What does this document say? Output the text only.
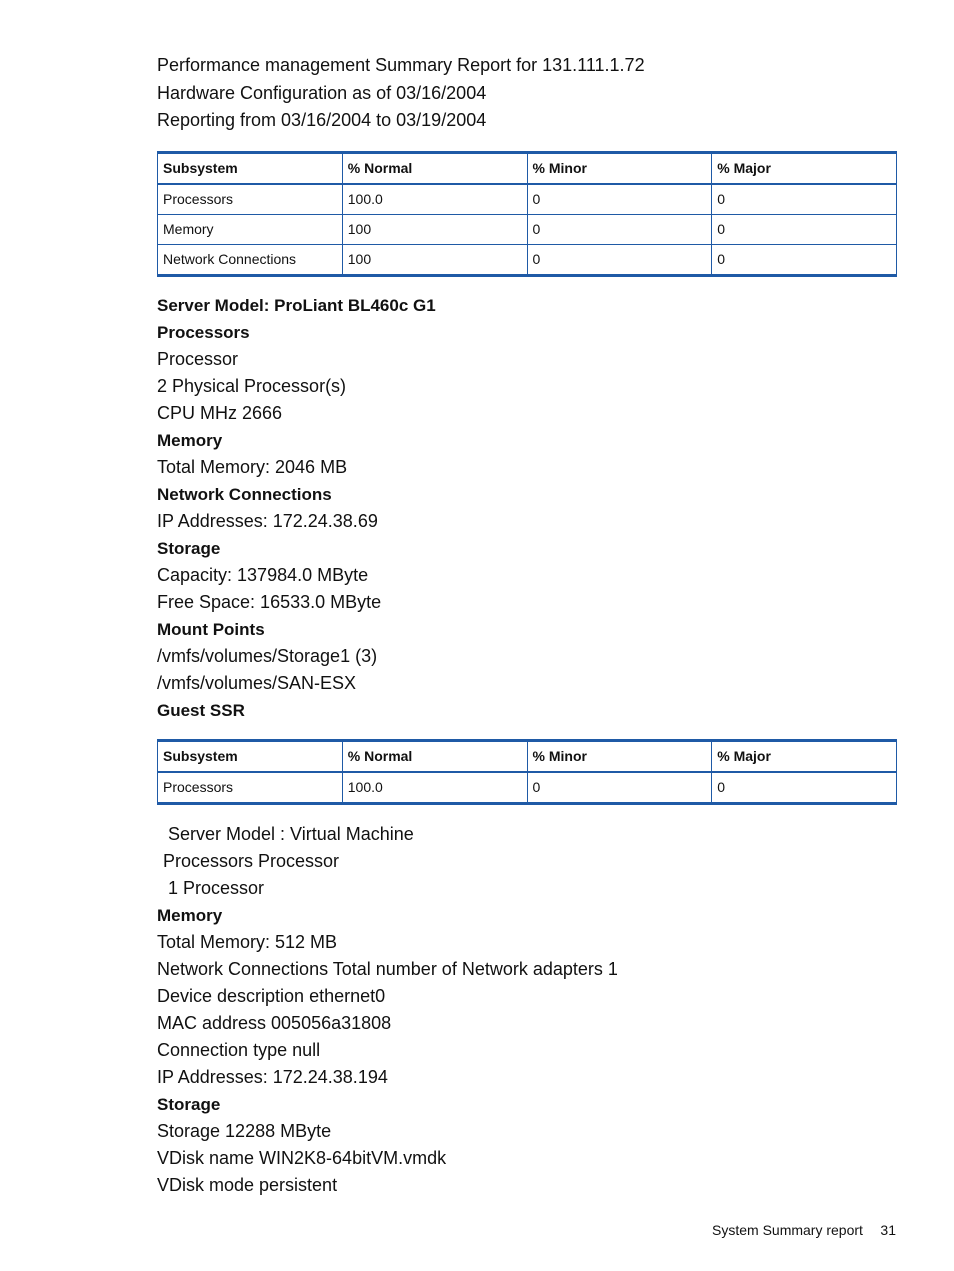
Performance management Summary Report for 131.111.1.72
Hardware Configuration as of 03/16/2004
Reporting from 03/16/2004 to 03/19/2004
Subsystem	% Normal	% Minor	% Major
Processors	100.0	0	0
Memory	100	0	0
Network Connections	100	0	0
Server Model: ProLiant BL460c G1
Processors
Processor
2 Physical Processor(s)
CPU MHz 2666
Memory
Total Memory: 2046 MB
Network Connections
IP Addresses: 172.24.38.69
Storage
Capacity: 137984.0 MByte
Free Space: 16533.0 MByte
Mount Points
/vmfs/volumes/Storage1 (3)
/vmfs/volumes/SAN-ESX
Guest SSR
Subsystem	% Normal	% Minor	% Major
Processors	100.0	0	0
Server Model : Virtual Machine
Processors Processor
1 Processor
Memory
Total Memory: 512 MB
Network Connections Total number of Network adapters 1
Device description ethernet0
MAC address 005056a31808
Connection type null
IP Addresses: 172.24.38.194
Storage
Storage 12288 MByte
VDisk name WIN2K8-64bitVM.vmdk
VDisk mode persistent
System Summary report 31
